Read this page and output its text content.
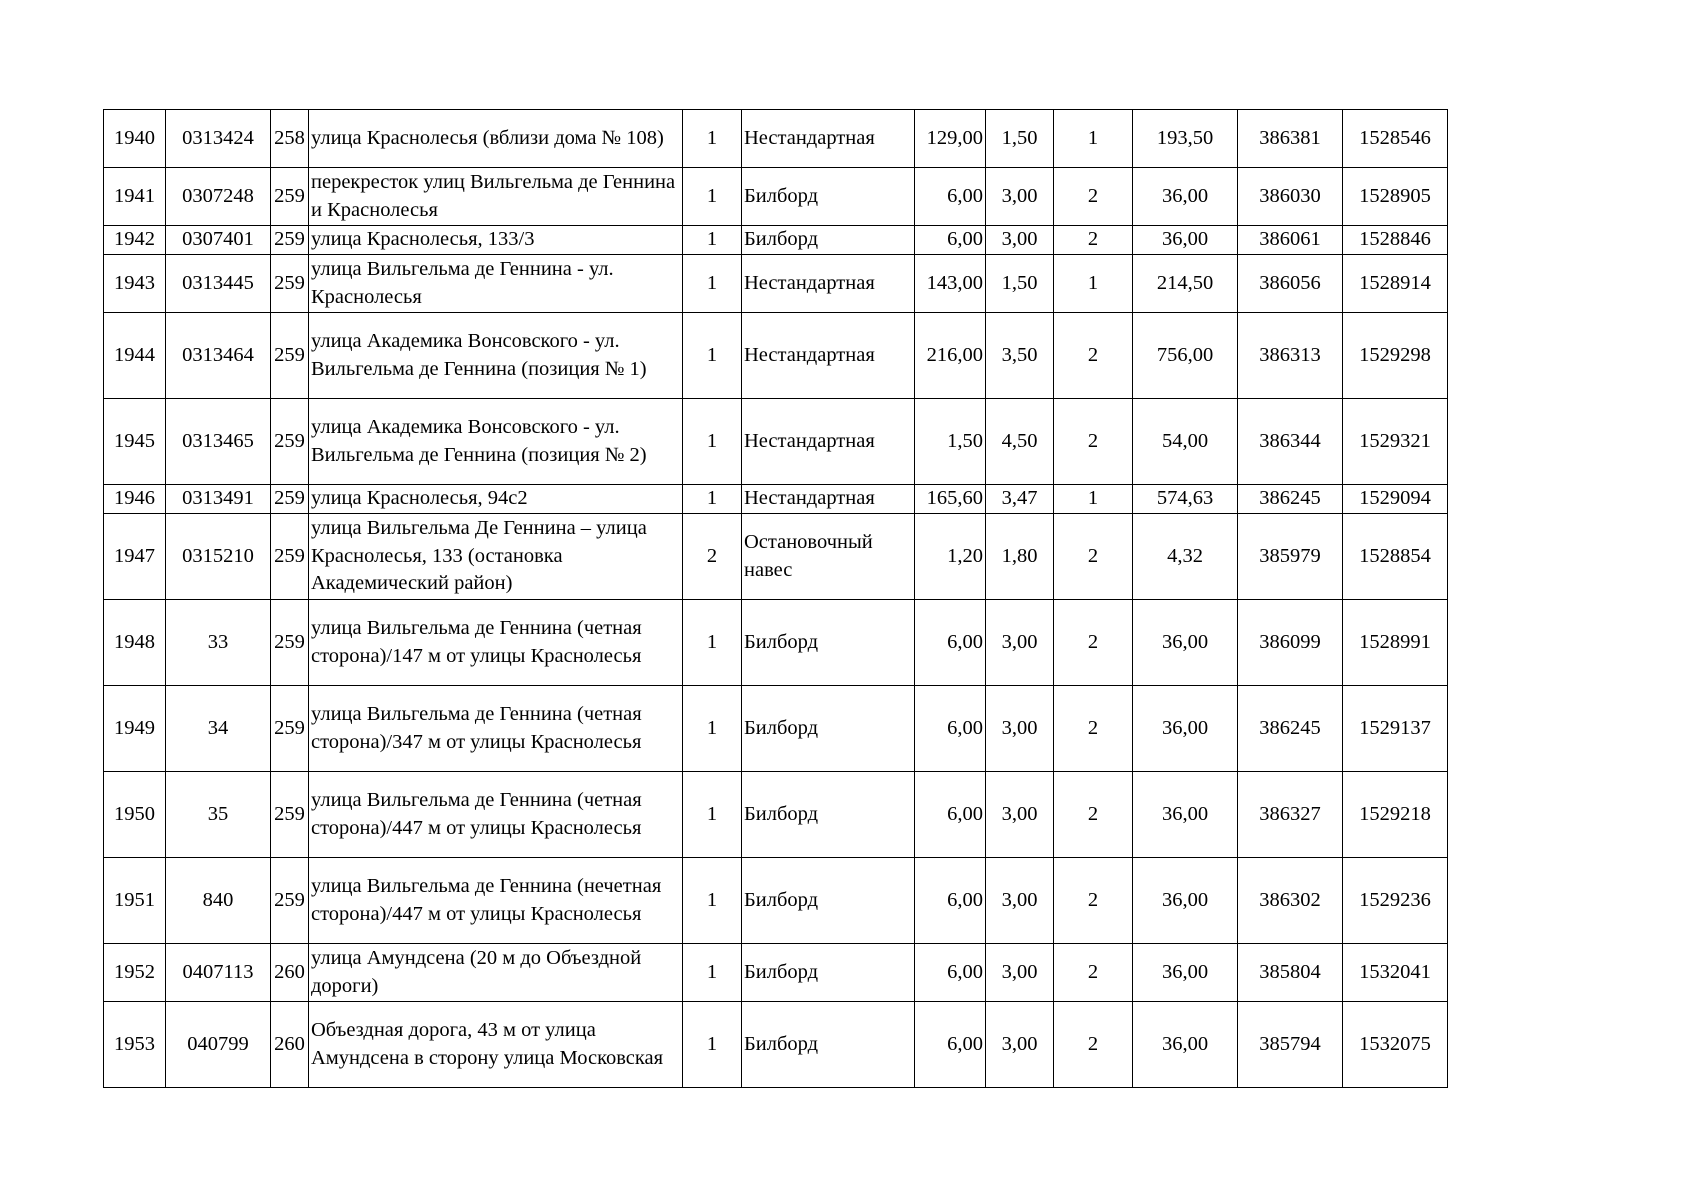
1940	0313424	258	улица Краснолесья (вблизи дома № 108)	1	Нестандартная	129,00	1,50	1	193,50	386381	1528546
1941	0307248	259	перекресток улиц Вильгельма де Геннина и Краснолесья	1	Билборд	6,00	3,00	2	36,00	386030	1528905
1942	0307401	259	улица Краснолесья, 133/3	1	Билборд	6,00	3,00	2	36,00	386061	1528846
1943	0313445	259	улица Вильгельма де Геннина - ул. Краснолесья	1	Нестандартная	143,00	1,50	1	214,50	386056	1528914
1944	0313464	259	улица Академика Вонсовского - ул. Вильгельма де Геннина (позиция № 1)	1	Нестандартная	216,00	3,50	2	756,00	386313	1529298
1945	0313465	259	улица Академика Вонсовского - ул. Вильгельма де Геннина (позиция № 2)	1	Нестандартная	1,50	4,50	2	54,00	386344	1529321
1946	0313491	259	улица Краснолесья, 94с2	1	Нестандартная	165,60	3,47	1	574,63	386245	1529094
1947	0315210	259	улица Вильгельма Де Геннина – улица Краснолесья, 133 (остановка Академический район)	2	Остановочный навес	1,20	1,80	2	4,32	385979	1528854
1948	33	259	улица Вильгельма де Геннина (четная сторона)/147 м от улицы Краснолесья	1	Билборд	6,00	3,00	2	36,00	386099	1528991
1949	34	259	улица Вильгельма де Геннина (четная сторона)/347 м от улицы Краснолесья	1	Билборд	6,00	3,00	2	36,00	386245	1529137
1950	35	259	улица Вильгельма де Геннина (четная сторона)/447 м от улицы Краснолесья	1	Билборд	6,00	3,00	2	36,00	386327	1529218
1951	840	259	улица Вильгельма де Геннина (нечетная сторона)/447 м от улицы Краснолесья	1	Билборд	6,00	3,00	2	36,00	386302	1529236
1952	0407113	260	улица Амундсена (20 м до Объездной дороги)	1	Билборд	6,00	3,00	2	36,00	385804	1532041
1953	040799	260	Объездная дорога, 43 м от улица Амундсена в сторону улица Московская	1	Билборд	6,00	3,00	2	36,00	385794	1532075
